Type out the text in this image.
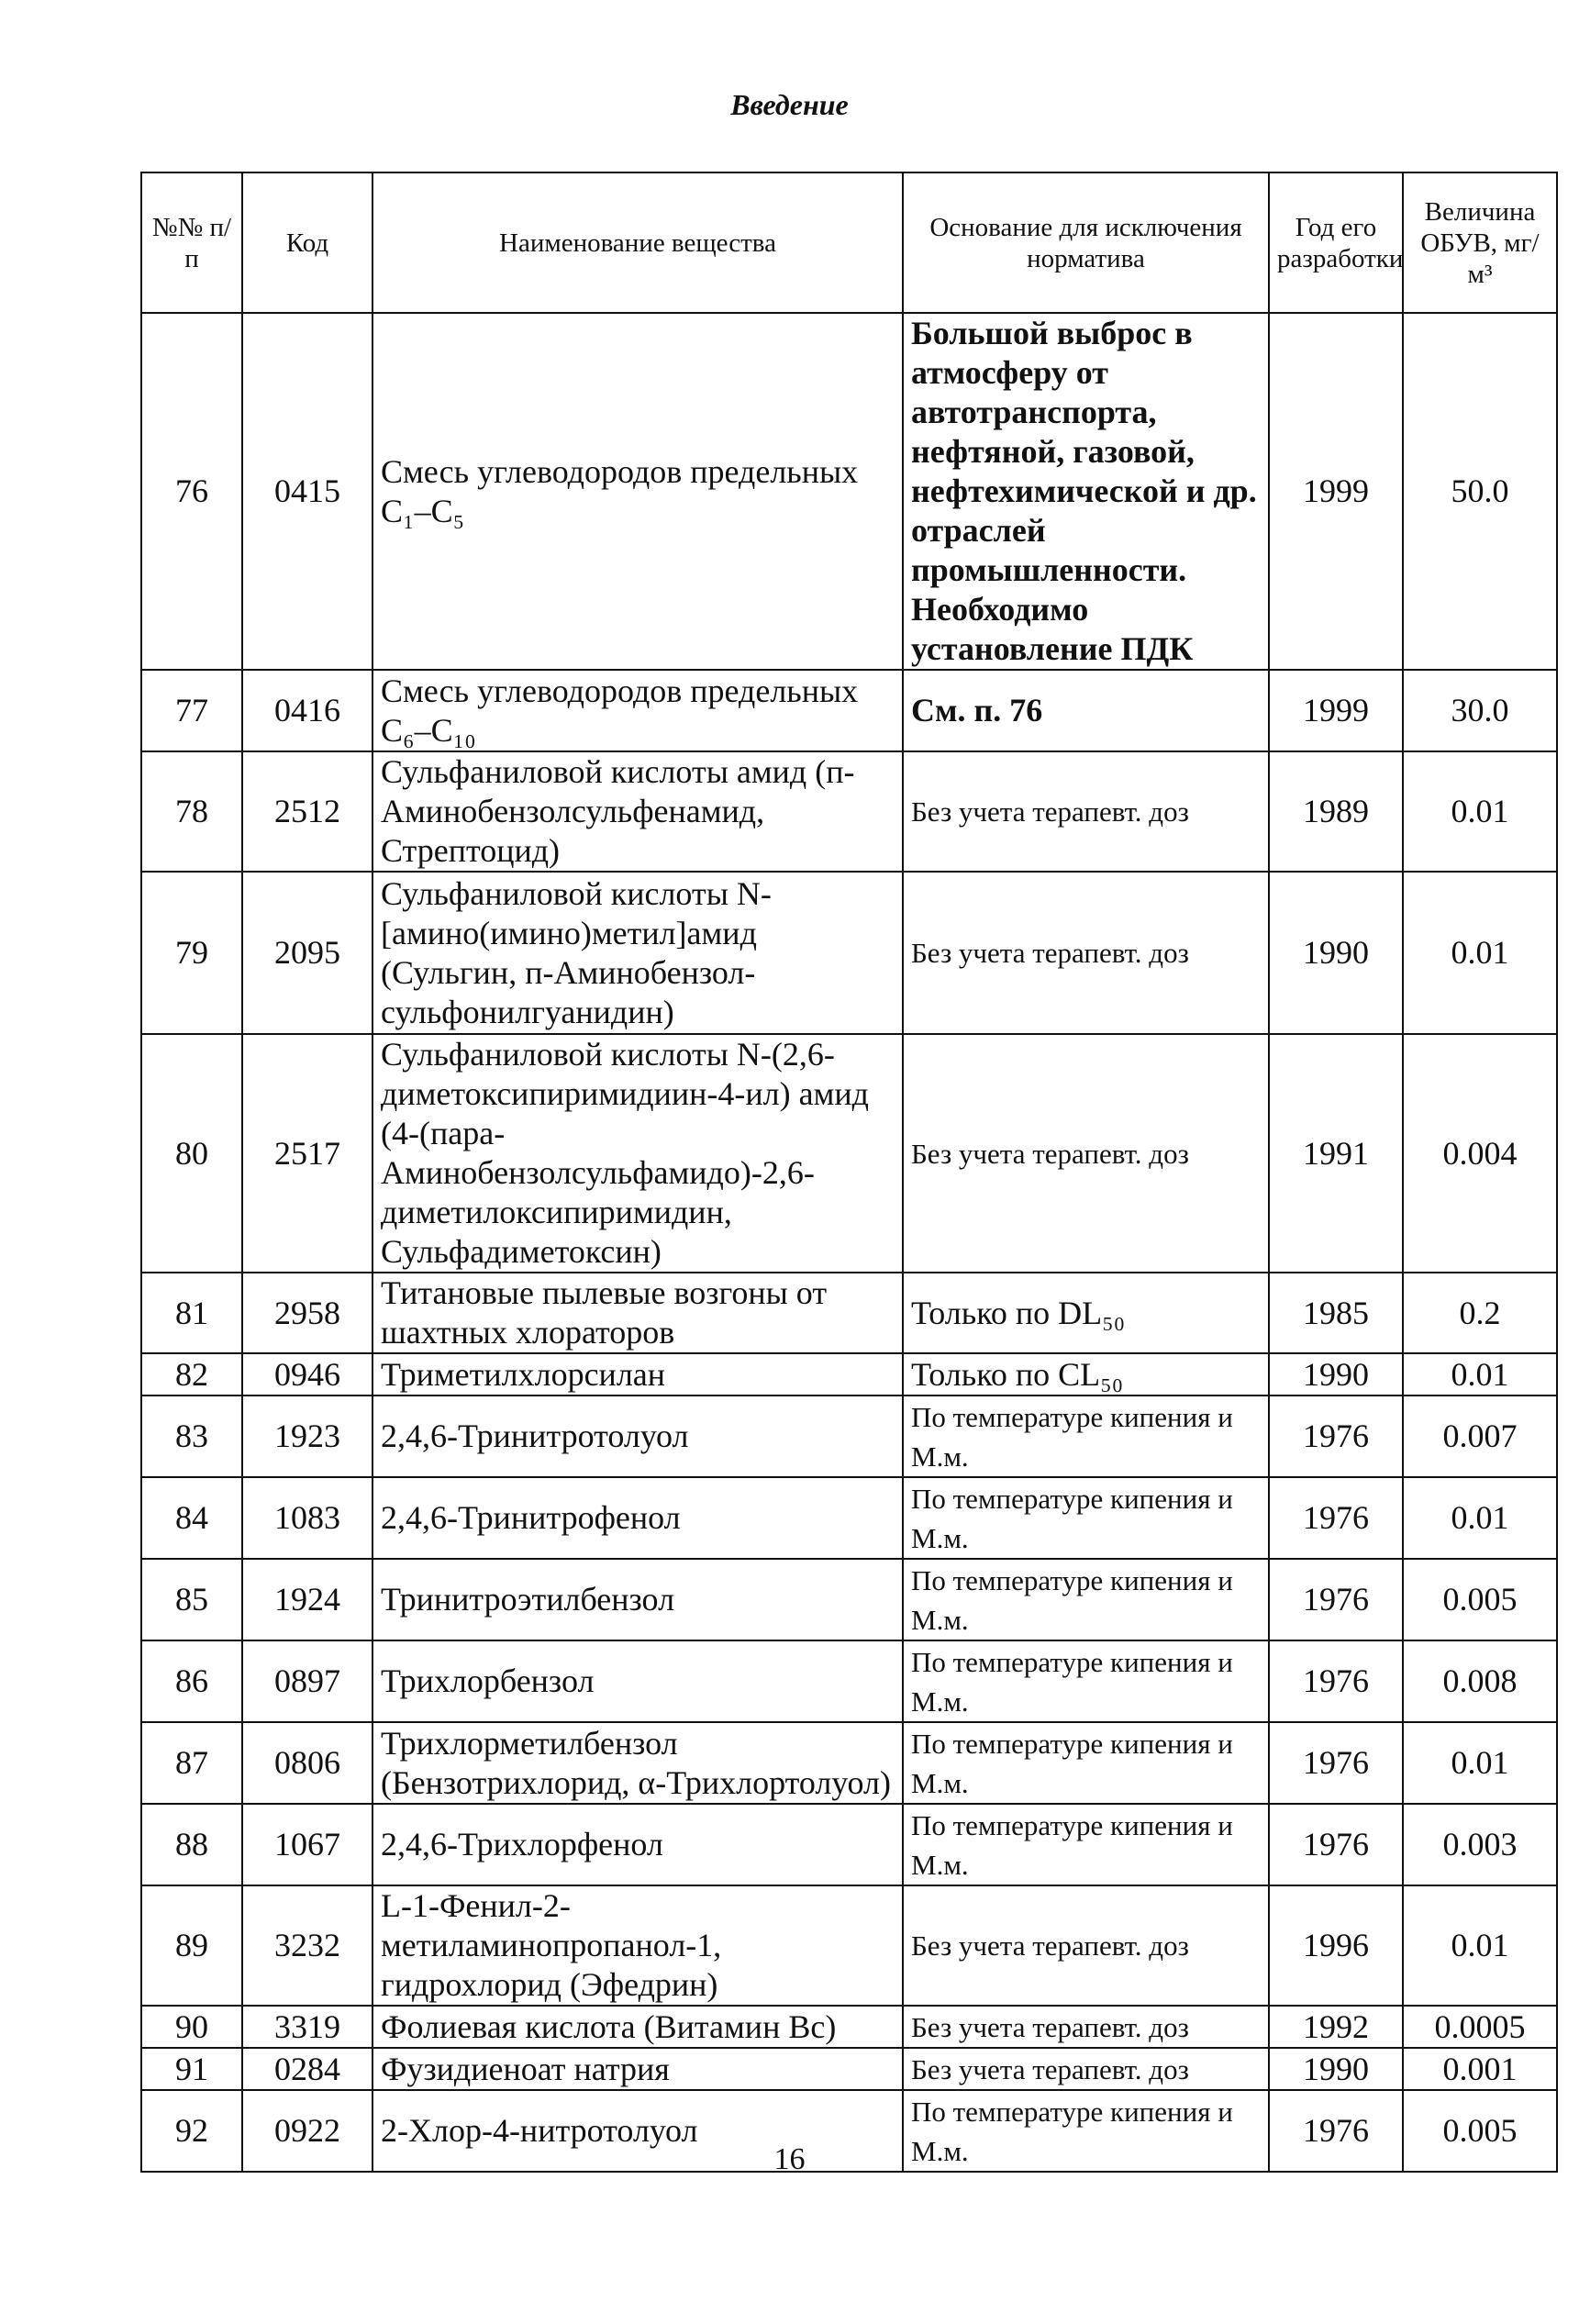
Введение
№№ п/п	Код	Наименование вещества	Основание для исключения норматива	Год его разработки	Величина ОБУВ, мг/м³
76	0415	Смесь углеводородов предельных C₁–C₅	Большой выброс в атмосферу от автотранспорта, нефтяной, газовой, нефтехимической и др. отраслей промышленности. Необходимо установление ПДК	1999	50.0
77	0416	Смесь углеводородов предельных C₆–C₁₀	См. п. 76	1999	30.0
78	2512	Сульфаниловой кислоты амид (п-Аминобензолсульфенамид, Стрептоцид)	Без учета терапевт. доз	1989	0.01
79	2095	Сульфаниловой кислоты N-[амино(имино)метил]амид (Сульгин, п-Аминобензол-сульфонилгуанидин)	Без учета терапевт. доз	1990	0.01
80	2517	Сульфаниловой кислоты N-(2,6-диметоксипиримидиин-4-ил) амид (4-(пара-Аминобензолсульфамидо)-2,6-диметилоксипиримидин, Сульфадиметоксин)	Без учета терапевт. доз	1991	0.004
81	2958	Титановые пылевые возгоны от шахтных хлораторов	Только по DL₅₀	1985	0.2
82	0946	Триметилхлорсилан	Только по CL₅₀	1990	0.01
83	1923	2,4,6-Тринитротолуол	По температуре кипения и М.м.	1976	0.007
84	1083	2,4,6-Тринитрофенол	По температуре кипения и М.м.	1976	0.01
85	1924	Тринитроэтилбензол	По температуре кипения и М.м.	1976	0.005
86	0897	Трихлорбензол	По температуре кипения и М.м.	1976	0.008
87	0806	Трихлорметилбензол (Бензотрихлорид, α-Трихлортолуол)	По температуре кипения и М.м.	1976	0.01
88	1067	2,4,6-Трихлорфенол	По температуре кипения и М.м.	1976	0.003
89	3232	L-1-Фенил-2-метиламинопропанол-1, гидрохлорид (Эфедрин)	Без учета терапевт. доз	1996	0.01
90	3319	Фолиевая кислота (Витамин Вс)	Без учета терапевт. доз	1992	0.0005
91	0284	Фузидиеноат натрия	Без учета терапевт. доз	1990	0.001
92	0922	2-Хлор-4-нитротолуол	По температуре кипения и М.м.	1976	0.005
16
